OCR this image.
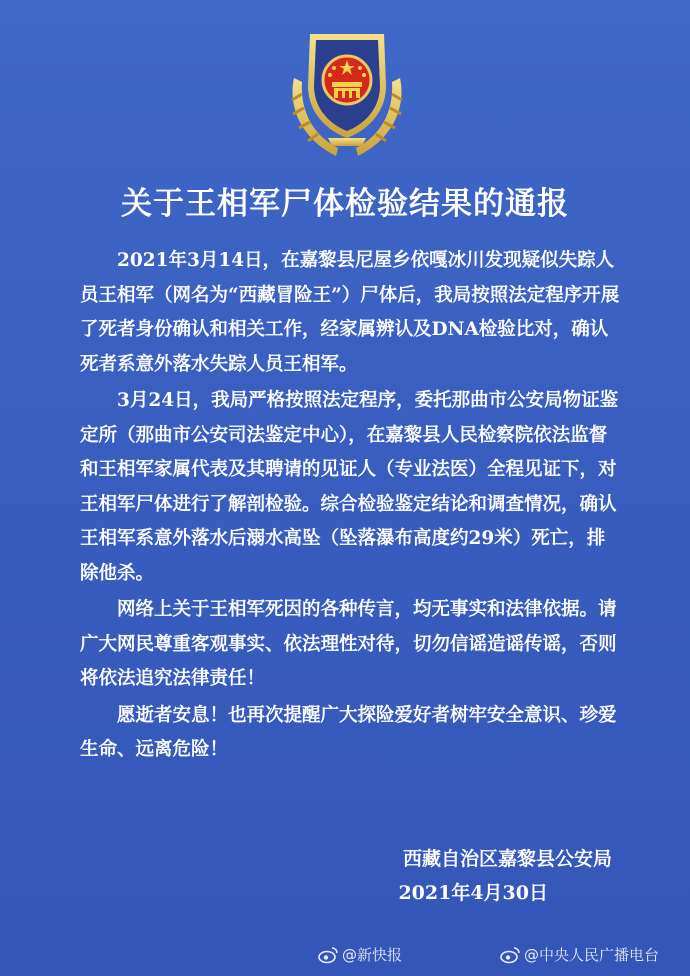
关于王相军尸体检验结果的通报

2021年3月14日，在嘉黎县尼屋乡依嘎冰川发现疑似失踪人员王相军（网名为“西藏冒险王”）尸体后，我局按照法定程序开展了死者身份确认和相关工作，经家属辨认及DNA检验比对，确认死者系意外落水失踪人员王相军。

3月24日，我局严格按照法定程序，委托那曲市公安局物证鉴定所（那曲市公安司法鉴定中心），在嘉黎县人民检察院依法监督和王相军家属代表及其聘请的见证人（专业法医）全程见证下，对王相军尸体进行了解剖检验。综合检验鉴定结论和调查情况，确认王相军系意外落水后溺水高坠（坠落瀑布高度约29米）死亡，排除他杀。

网络上关于王相军死因的各种传言，均无事实和法律依据。请广大网民尊重客观事实、依法理性对待，切勿信谣造谣传谣，否则将依法追究法律责任！

愿逝者安息！也再次提醒广大探险爱好者树牢安全意识、珍爱生命、远离危险！

西藏自治区嘉黎县公安局
2021年4月30日
@新快报	@中央人民广播电台
